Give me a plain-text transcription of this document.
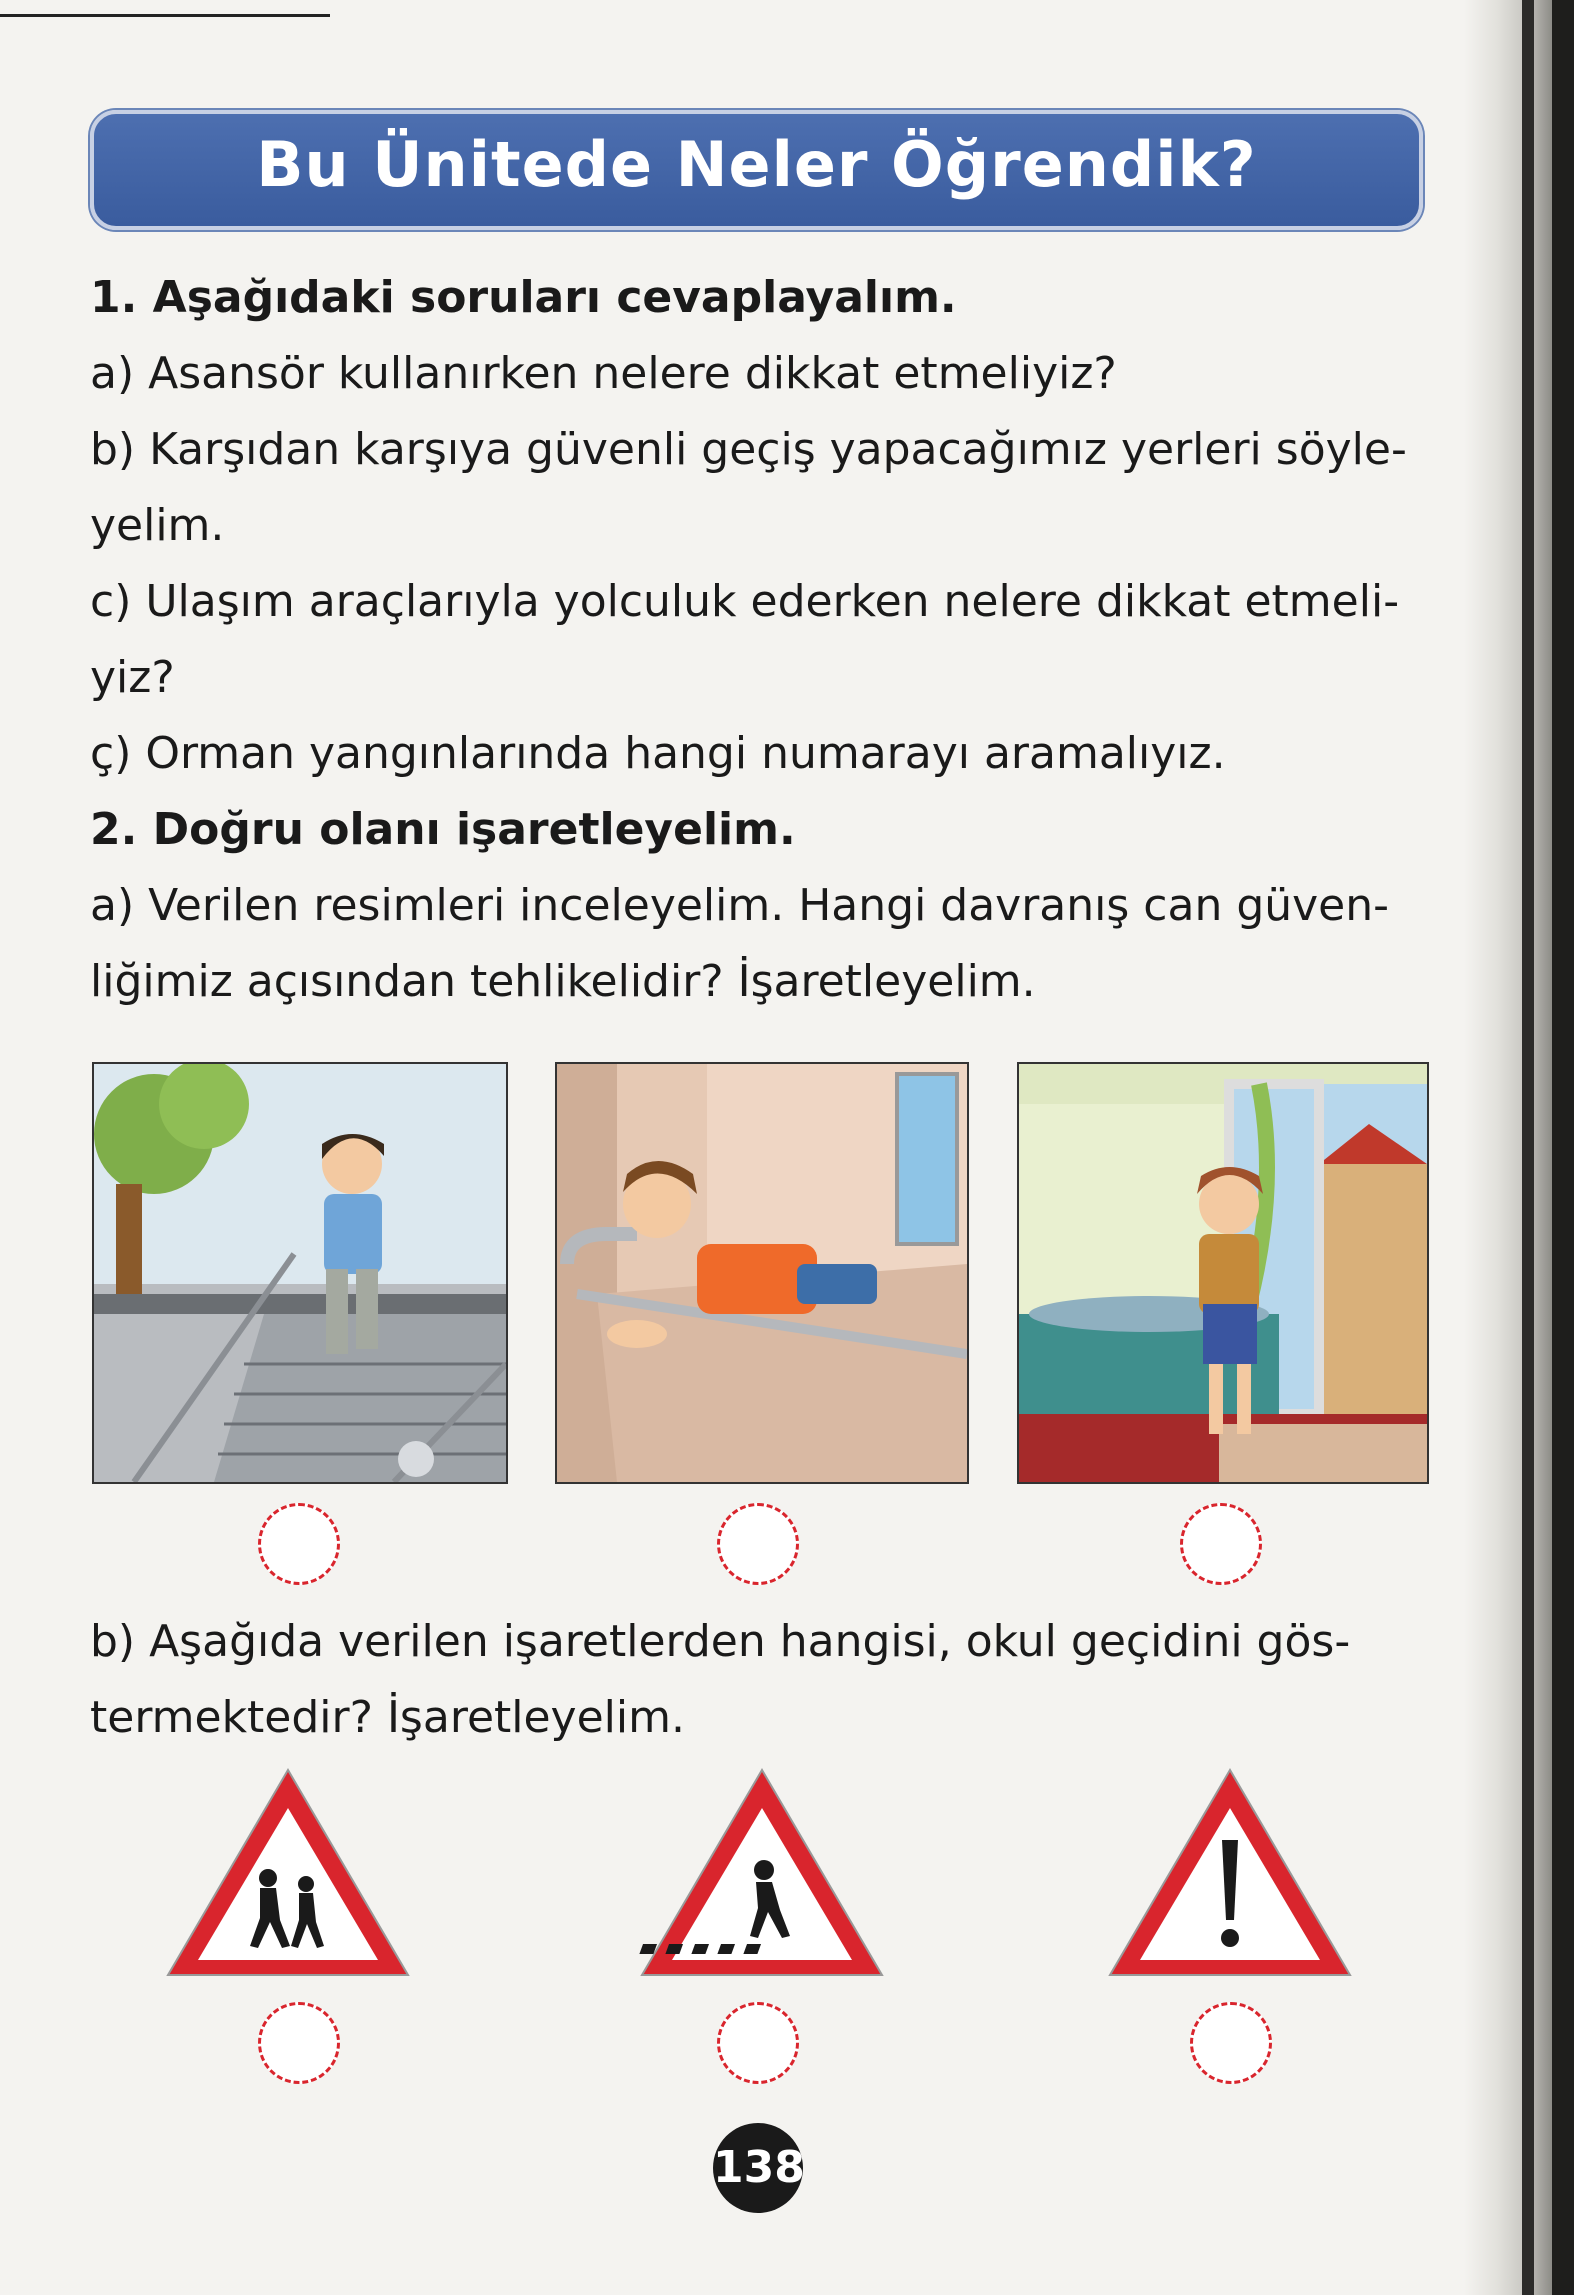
Bu Ünitede Neler Öğrendik?
1. Aşağıdaki soruları cevaplayalım.
a) Asansör kullanırken nelere dikkat etmeliyiz?
b) Karşıdan karşıya güvenli geçiş yapacağımız yerleri söyle-
yelim.
c) Ulaşım araçlarıyla yolculuk ederken nelere dikkat etmeli-
yiz?
ç) Orman yangınlarında hangi numarayı aramalıyız.
2. Doğru olanı işaretleyelim.
a) Verilen resimleri inceleyelim. Hangi davranış can güven-
liğimiz açısından tehlikelidir? İşaretleyelim.
b) Aşağıda verilen işaretlerden hangisi, okul geçidini gös-
termektedir? İşaretleyelim.
138
